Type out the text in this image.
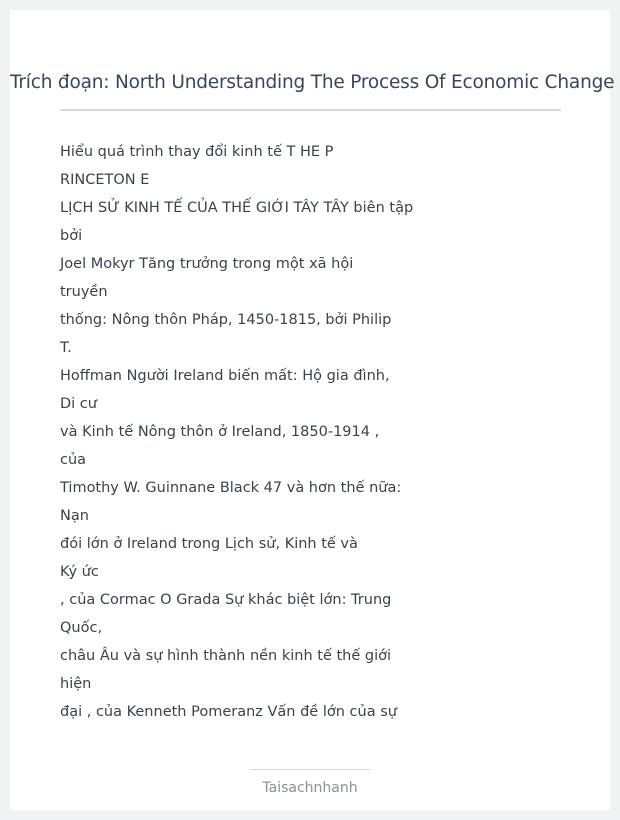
Trích đoạn: North Understanding The Process Of Economic Change
Hiểu quá trình thay đổi kinh tế T HE P
RINCETON E
LỊCH SỬ KINH TẾ CỦA THẾ GIỚI TÂY TÂY biên tập
bởi
Joel Mokyr Tăng trưởng trong một xã hội
truyền
thống: Nông thôn Pháp, 1450-1815, bởi Philip
T.
Hoffman Người Ireland biến mất: Hộ gia đình,
Di cư
và Kinh tế Nông thôn ở Ireland, 1850-1914 ,
của
Timothy W. Guinnane Black 47 và hơn thế nữa:
Nạn
đói lớn ở Ireland trong Lịch sử, Kinh tế và
Ký ức
, của Cormac O Grada Sự khác biệt lớn: Trung
Quốc,
châu Âu và sự hình thành nền kinh tế thế giới
hiện
đại , của Kenneth Pomeranz Vấn đề lớn của sự
Taisachnhanh
